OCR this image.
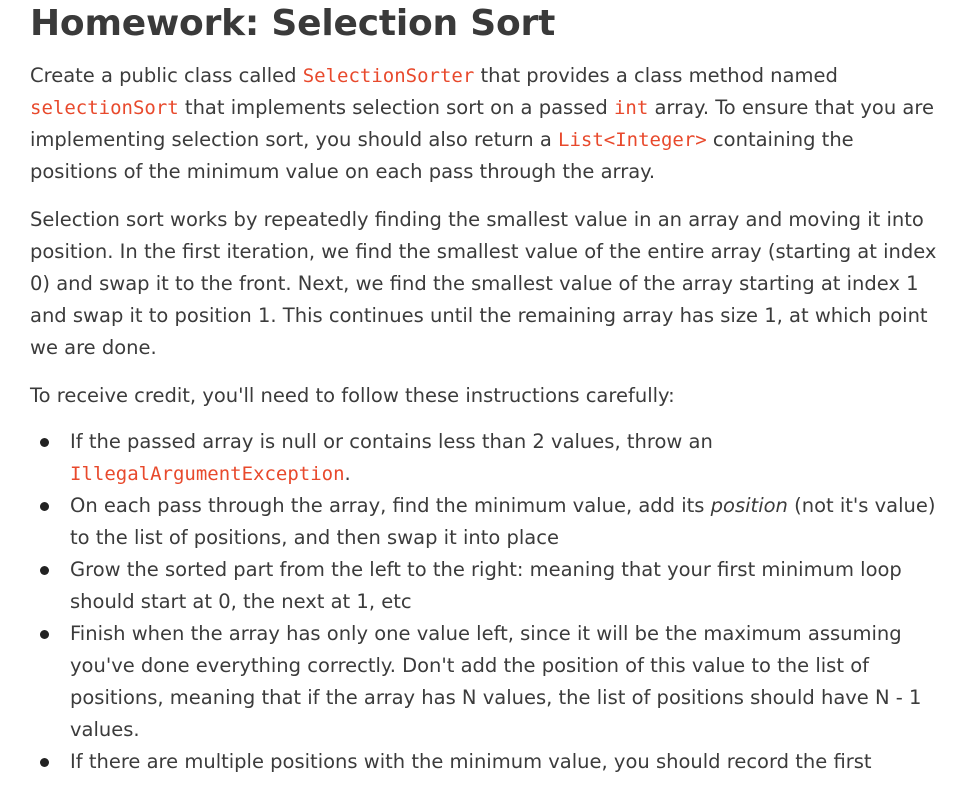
Homework: Selection Sort

Create a public class called SelectionSorter that provides a class method named selectionSort that implements selection sort on a passed int array. To ensure that you are implementing selection sort, you should also return a List<Integer> containing the positions of the minimum value on each pass through the array.

Selection sort works by repeatedly finding the smallest value in an array and moving it into position. In the first iteration, we find the smallest value of the entire array (starting at index 0) and swap it to the front. Next, we find the smallest value of the array starting at index 1 and swap it to position 1. This continues until the remaining array has size 1, at which point we are done.

To receive credit, you'll need to follow these instructions carefully:

If the passed array is null or contains less than 2 values, throw an IllegalArgumentException.
On each pass through the array, find the minimum value, add its position (not it's value) to the list of positions, and then swap it into place
Grow the sorted part from the left to the right: meaning that your first minimum loop should start at 0, the next at 1, etc
Finish when the array has only one value left, since it will be the maximum assuming you've done everything correctly. Don't add the position of this value to the list of positions, meaning that if the array has N values, the list of positions should have N - 1 values.
If there are multiple positions with the minimum value, you should record the first
